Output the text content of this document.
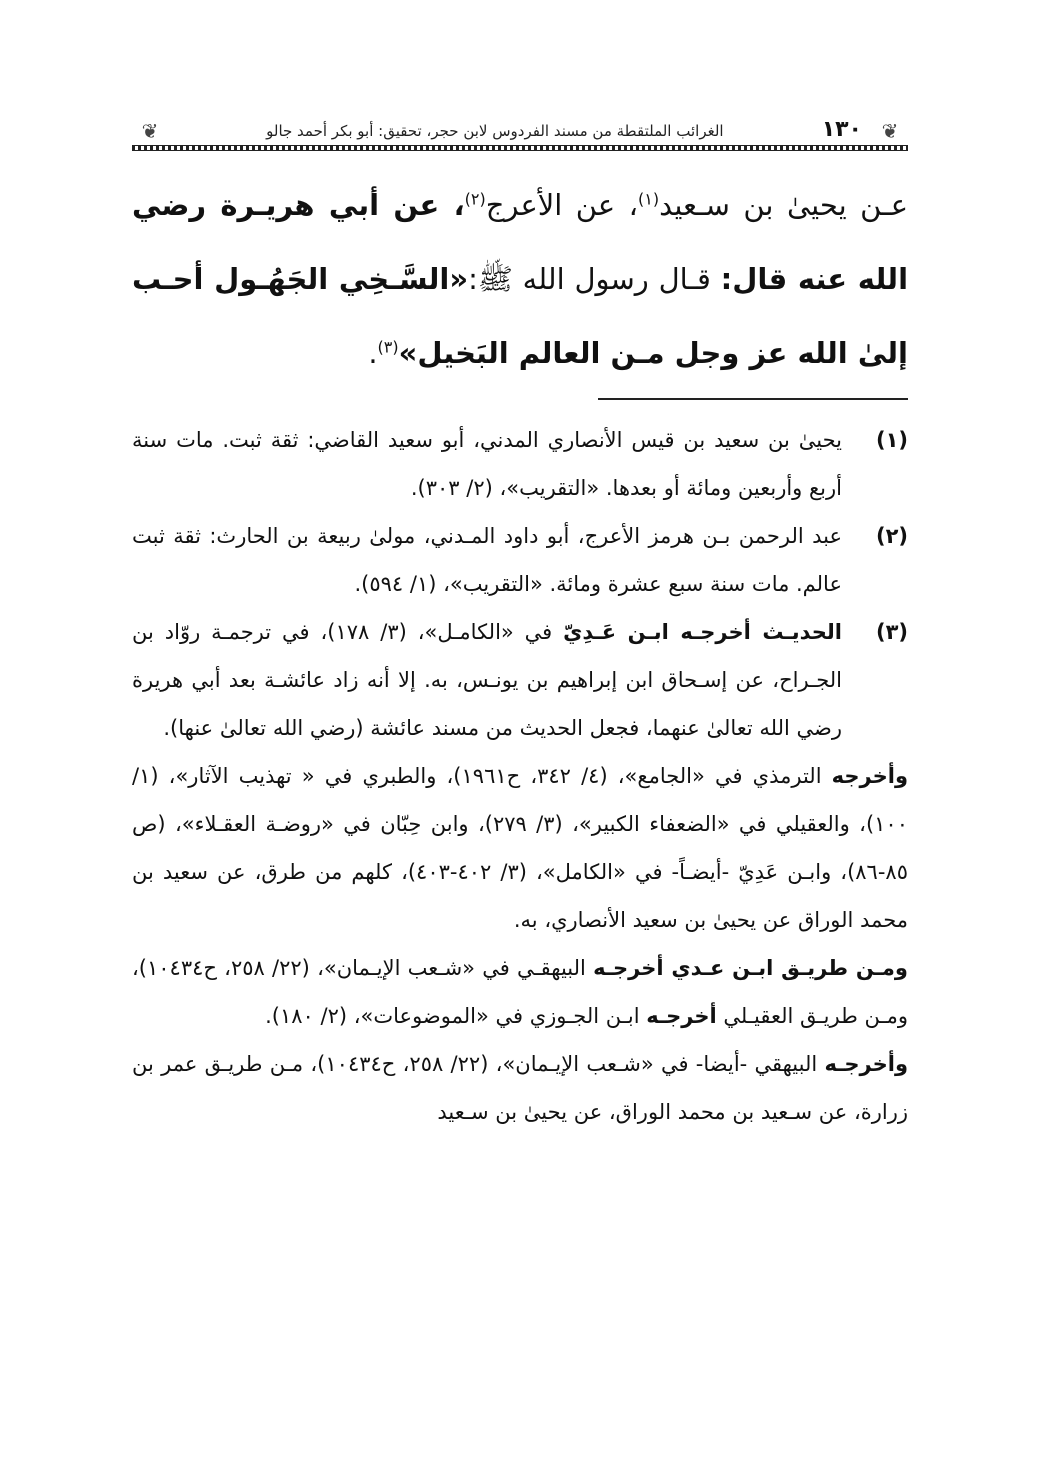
❦
١٣٠
الغرائب الملتقطة من مسند الفردوس لابن حجر، تحقيق: أبو بكر أحمد جالو
❦
عـن يحيىٰ بن سـعيد$^{(١)}$، عن الأعرج$^{(٢)}$، عن أبي هريـرة رضي الله عنه قال: قـال رسول الله ﷺ:«السَّـخِي الجَهُـول أحـب إلىٰ الله عز وجل مـن العالم البَخيل»$^{(٣)}$.
(١)
يحيىٰ بن سعيد بن قيس الأنصاري المدني، أبو سعيد القاضي: ثقة ثبت. مات سنة أربع وأربعين ومائة أو بعدها. «التقريب»، (٢/ ٣٠٣).
(٢)
عبد الرحمن بـن هرمز الأعرج، أبو داود المـدني، مولىٰ ربيعة بن الحارث: ثقة ثبت عالم. مات سنة سبع عشرة ومائة. «التقريب»، (١/ ٥٩٤).
(٣)
الحديـث أخرجـه ابـن عَـدِيّ في «الكامـل»، (٣/ ١٧٨)، في ترجمـة روّاد بن الجـراح، عن إسـحاق ابن إبراهيم بن يونـس، به. إلا أنه زاد عائشـة بعد أبي هريرة رضي الله تعالىٰ عنهما، فجعل الحديث من مسند عائشة (رضي الله تعالىٰ عنها).
وأخرجه الترمذي في «الجامع»، (٤/ ٣٤٢، ح١٩٦١)، والطبري في « تهذيب الآثار»، (١/ ١٠٠)، والعقيلي في «الضعفاء الكبير»، (٣/ ٢٧٩)، وابن حِبّان في «روضـة العقـلاء»، (ص ٨٥-٨٦)، وابـن عَدِيّ -أيضـاً- في «الكامل»، (٣/ ٤٠٢-٤٠٣)، كلهم من طرق، عن سعيد بن محمد الوراق عن يحيىٰ بن سعيد الأنصاري، به.
ومـن طريـق ابـن عـدي أخرجـه البيهقـي في «شـعب الإيـمان»، (٢٢/ ٢٥٨، ح١٠٤٣٤)، ومـن طريـق العقيـلي أخرجـه ابـن الجـوزي في «الموضوعات»، (٢/ ١٨٠).
وأخرجـه البيهقي -أيضا- في «شـعب الإيـمان»، (٢٢/ ٢٥٨، ح١٠٤٣٤)، مـن طريـق عمر بن زرارة، عن سـعيد بن محمد الوراق، عن يحيىٰ بن سـعيد
